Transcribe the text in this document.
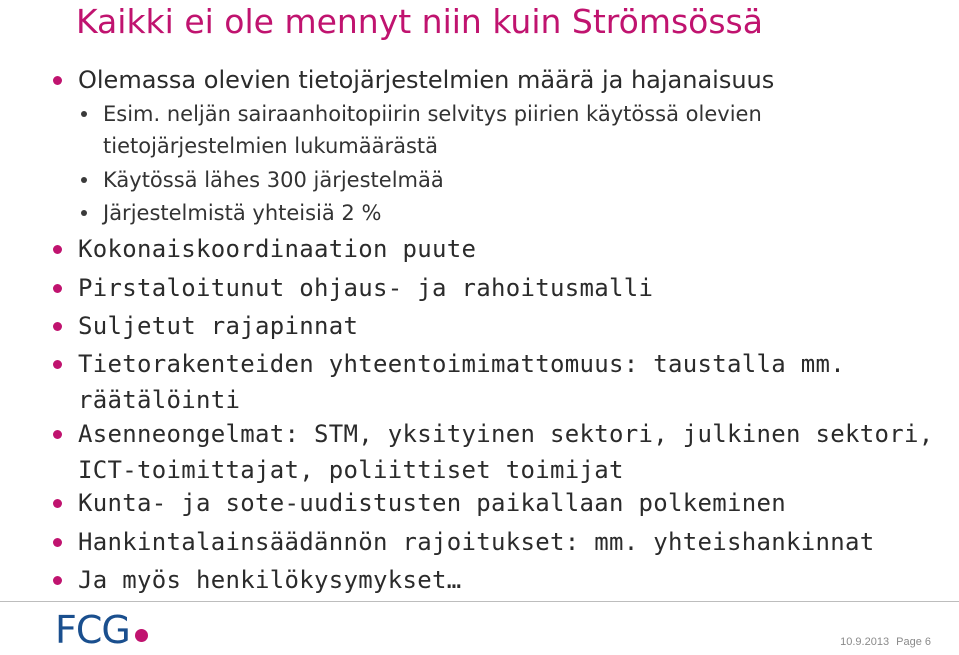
Kaikki ei ole mennyt niin kuin Strömsössä
Olemassa olevien tietojärjestelmien määrä ja hajanaisuus
Esim. neljän sairaanhoitopiirin selvitys piirien käytössä olevien
tietojärjestelmien lukumäärästä
Käytössä lähes 300 järjestelmää
Järjestelmistä yhteisiä 2 %
Kokonaiskoordinaation puute
Pirstaloitunut ohjaus- ja rahoitusmalli
Suljetut rajapinnat
Tietorakenteiden yhteentoimimattomuus: taustalla mm.
räätälöinti
Asenneongelmat: STM, yksityinen sektori, julkinen sektori,
ICT-toimittajat, poliittiset toimijat
Kunta- ja sote-uudistusten paikallaan polkeminen
Hankintalainsäädännön rajoitukset: mm. yhteishankinnat
Ja myös henkilökysymykset…
FCG	10.9.2013 Page 6
